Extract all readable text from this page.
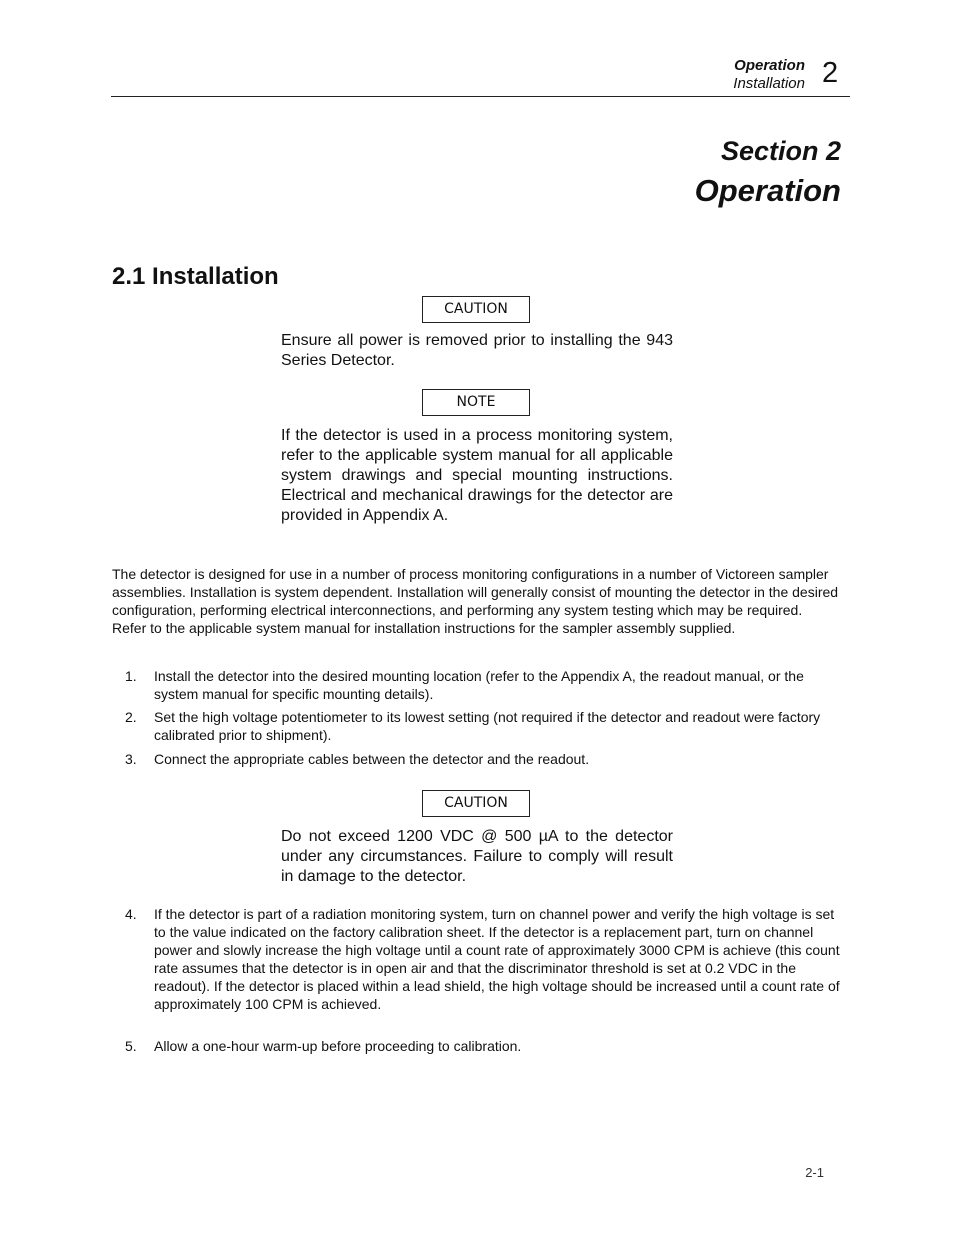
Operation
Installation 2
Section 2
Operation
2.1 Installation
CAUTION
Ensure all power is removed prior to installing the 943 Series Detector.
NOTE
If the detector is used in a process monitoring system, refer to the applicable system manual for all applicable system drawings and special mounting instructions. Electrical and mechanical drawings for the detector are provided in Appendix A.
The detector is designed for use in a number of process monitoring configurations in a number of Victoreen sampler assemblies. Installation is system dependent. Installation will generally consist of mounting the detector in the desired configuration, performing electrical interconnections, and performing any system testing which may be required. Refer to the applicable system manual for installation instructions for the sampler assembly supplied.
1. Install the detector into the desired mounting location (refer to the Appendix A, the readout manual, or the system manual for specific mounting details).
2. Set the high voltage potentiometer to its lowest setting (not required if the detector and readout were factory calibrated prior to shipment).
3. Connect the appropriate cables between the detector and the readout.
CAUTION
Do not exceed 1200 VDC @ 500 µA to the detector under any circumstances. Failure to comply will result in damage to the detector.
4. If the detector is part of a radiation monitoring system, turn on channel power and verify the high voltage is set to the value indicated on the factory calibration sheet. If the detector is a replacement part, turn on channel power and slowly increase the high voltage until a count rate of approximately 3000 CPM is achieve (this count rate assumes that the detector is in open air and that the discriminator threshold is set at 0.2 VDC in the readout). If the detector is placed within a lead shield, the high voltage should be increased until a count rate of approximately 100 CPM is achieved.
5. Allow a one-hour warm-up before proceeding to calibration.
2-1
